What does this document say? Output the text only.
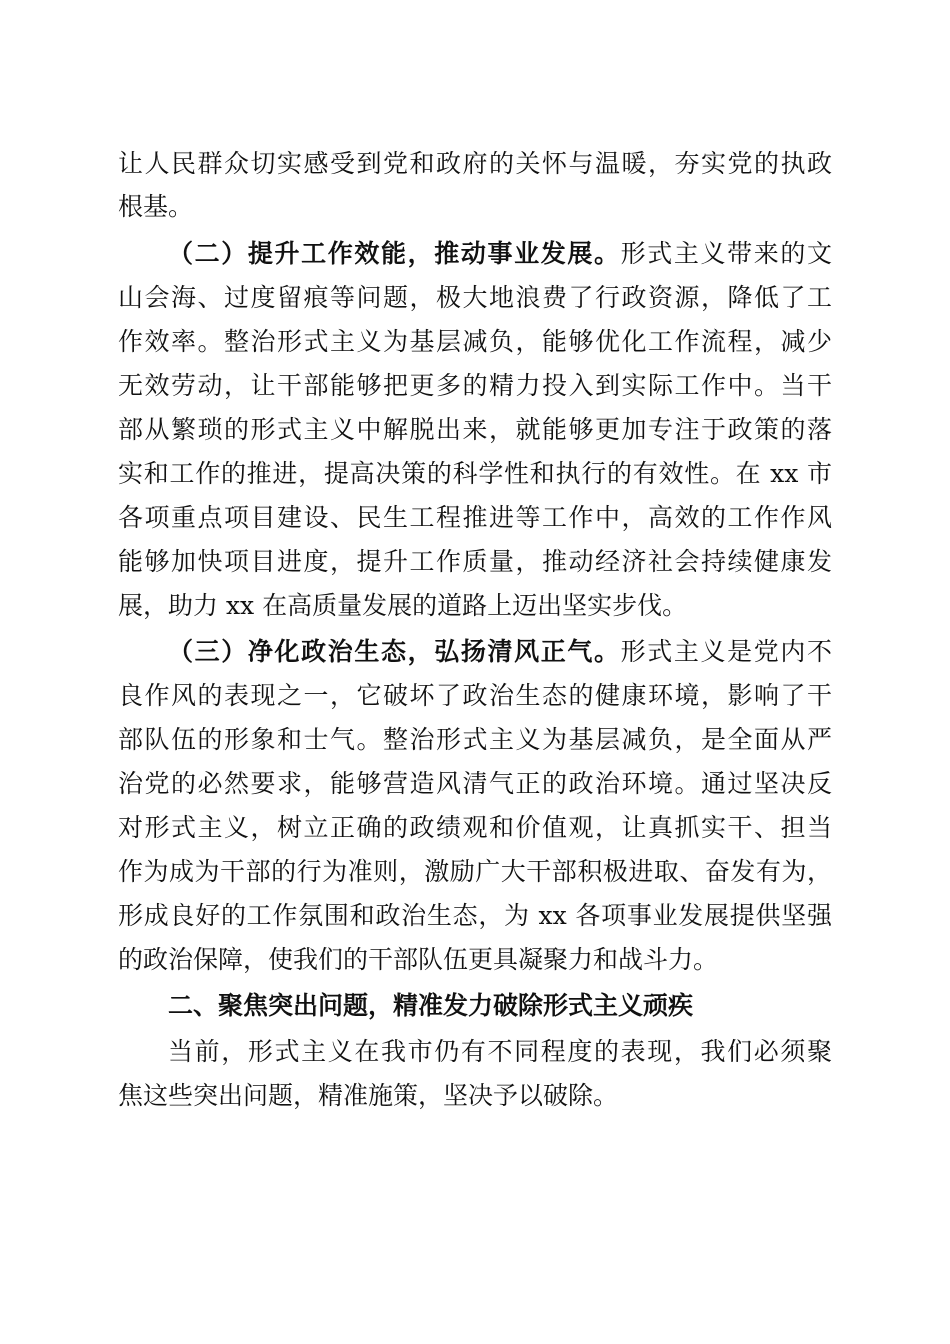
让人民群众切实感受到党和政府的关怀与温暖，夯实党的执政
根基。
（二）提升工作效能，推动事业发展。形式主义带来的文
山会海、过度留痕等问题，极大地浪费了行政资源，降低了工
作效率。整治形式主义为基层减负，能够优化工作流程，减少
无效劳动，让干部能够把更多的精力投入到实际工作中。当干
部从繁琐的形式主义中解脱出来，就能够更加专注于政策的落
实和工作的推进，提高决策的科学性和执行的有效性。在 xx 市
各项重点项目建设、民生工程推进等工作中，高效的工作作风
能够加快项目进度，提升工作质量，推动经济社会持续健康发
展，助力 xx 在高质量发展的道路上迈出坚实步伐。
（三）净化政治生态，弘扬清风正气。形式主义是党内不
良作风的表现之一，它破坏了政治生态的健康环境，影响了干
部队伍的形象和士气。整治形式主义为基层减负，是全面从严
治党的必然要求，能够营造风清气正的政治环境。通过坚决反
对形式主义，树立正确的政绩观和价值观，让真抓实干、担当
作为成为干部的行为准则，激励广大干部积极进取、奋发有为，
形成良好的工作氛围和政治生态，为 xx 各项事业发展提供坚强
的政治保障，使我们的干部队伍更具凝聚力和战斗力。
二、聚焦突出问题，精准发力破除形式主义顽疾
当前，形式主义在我市仍有不同程度的表现，我们必须聚
焦这些突出问题，精准施策，坚决予以破除。
